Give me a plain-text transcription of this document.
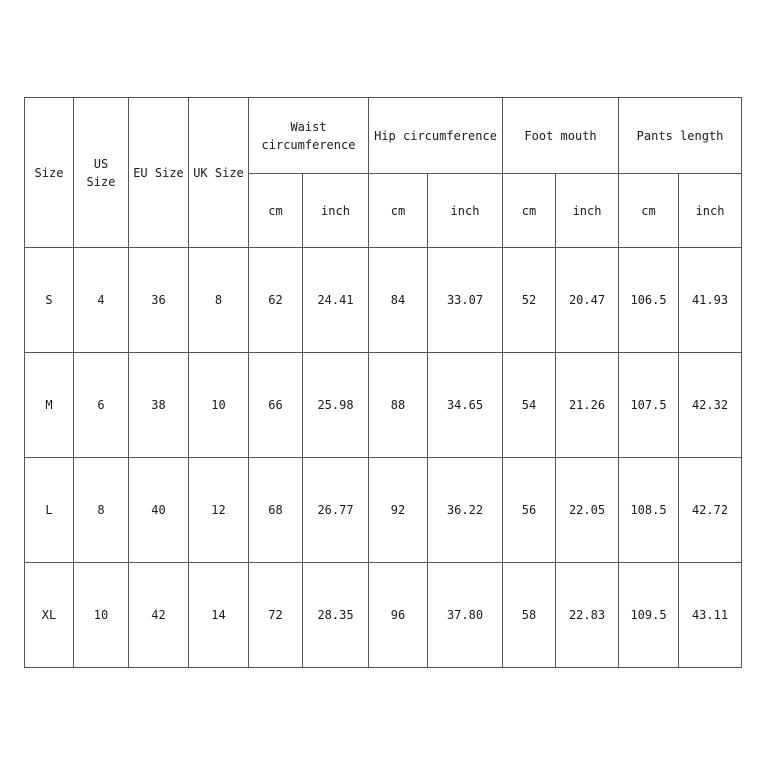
Size	US Size	EU Size	UK Size	Waist circumference		Hip circumference		Foot mouth		Pants length	
				cm	inch	cm	inch	cm	inch	cm	inch
S	4	36	8	62	24.41	84	33.07	52	20.47	106.5	41.93
M	6	38	10	66	25.98	88	34.65	54	21.26	107.5	42.32
L	8	40	12	68	26.77	92	36.22	56	22.05	108.5	42.72
XL	10	42	14	72	28.35	96	37.80	58	22.83	109.5	43.11
